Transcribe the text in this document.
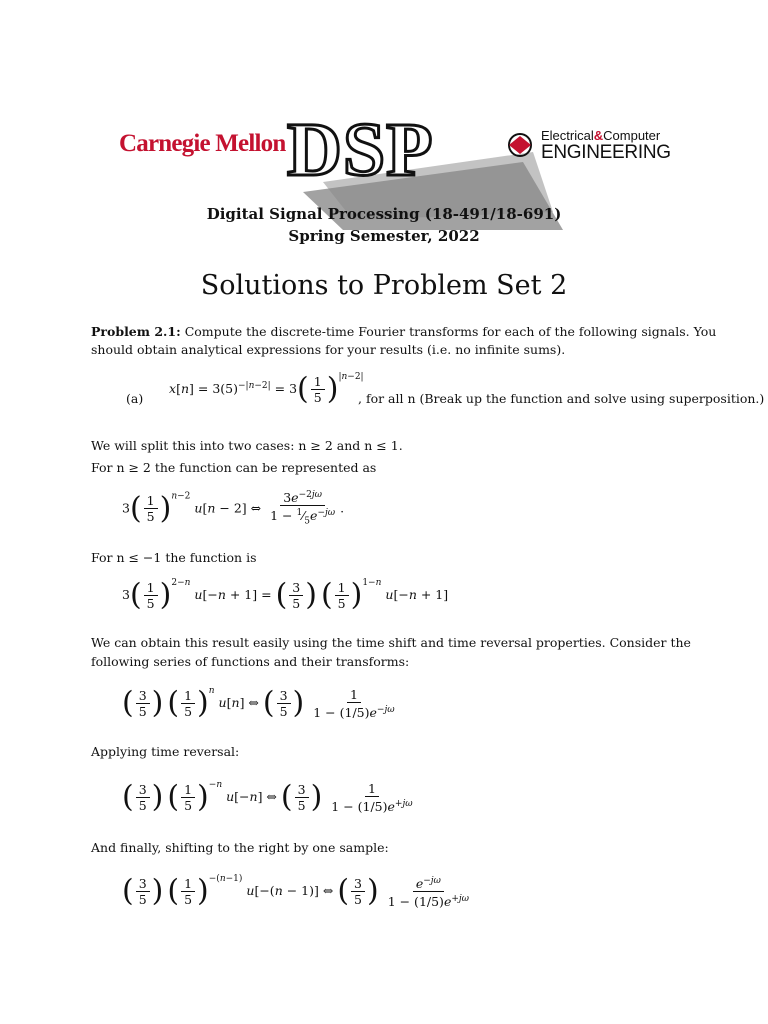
Carnegie Mellon DSP	Electrical&Computer
ENGINEERING
Digital Signal Processing (18-491/18-691)
Spring Semester, 2022
Solutions to Problem Set 2
Problem 2.1: Compute the discrete-time Fourier transforms for each of the following signals. You
should obtain analytical expressions for your results (i.e. no infinite sums).
(a)
$x[n] = 3(5)^{-|n-2|} = 3( \frac{1}{5} )^{|n-2|}$
, for all n (Break up the function and solve using superposition.)
We will split this into two cases: n ≥ 2 and n ≤ 1.
For n ≥ 2 the function can be represented as
$3( \frac{1}{5} )^{n-2}$ u[n − 2] ⇔ $\frac{3e^{-2j\omega}}{1 - ^1⁄_5e^{-j\omega}}$ .
For n ≤ −1 the function is
$3( \frac{1}{5} )^{2-n}$ u[−n + 1] = ( $\frac{3}{5}$ ) ( $\frac{1}{5} )^{1-n}$ u[−n + 1]
We can obtain this result easily using the time shift and time reversal properties. Consider the
following series of functions and their transforms:
( $\frac{3}{5}$ ) ( $\frac{1}{5} )^n$ u[n] ⇔ ( $\frac{3}{5}$ ) $\frac{1}{1 - (1/5)e^{-j\omega}}$
Applying time reversal:
( $\frac{3}{5}$ ) ( $\frac{1}{5} )^{-n}$ u[−n] ⇔ ( $\frac{3}{5}$ ) $\frac{1}{1 - (1/5)e^{+j\omega}}$
And finally, shifting to the right by one sample:
( $\frac{3}{5}$ ) ( $\frac{1}{5} )^{-(n-1)}$ u[−(n − 1)] ⇔ ( $\frac{3}{5}$ ) $\frac{e^{-j\omega}}{1 - (1/5)e^{+j\omega}}$
